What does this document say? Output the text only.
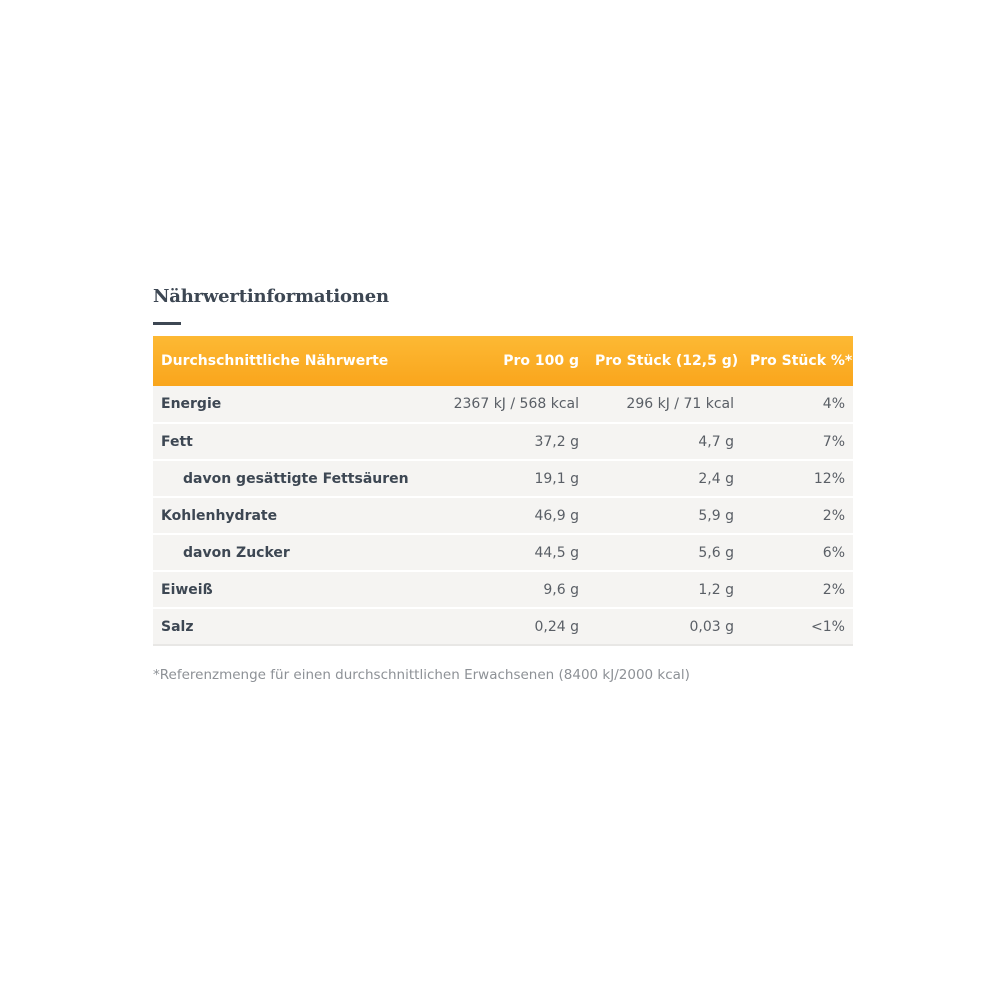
Nährwertinformationen
Durchschnittliche Nährwerte	Pro 100 g	Pro Stück (12,5 g)	Pro Stück %*
Energie	2367 kJ / 568 kcal	296 kJ / 71 kcal	4%
Fett	37,2 g	4,7 g	7%
davon gesättigte Fettsäuren	19,1 g	2,4 g	12%
Kohlenhydrate	46,9 g	5,9 g	2%
davon Zucker	44,5 g	5,6 g	6%
Eiweiß	9,6 g	1,2 g	2%
Salz	0,24 g	0,03 g	<1%
*Referenzmenge für einen durchschnittlichen Erwachsenen (8400 kJ/2000 kcal)
